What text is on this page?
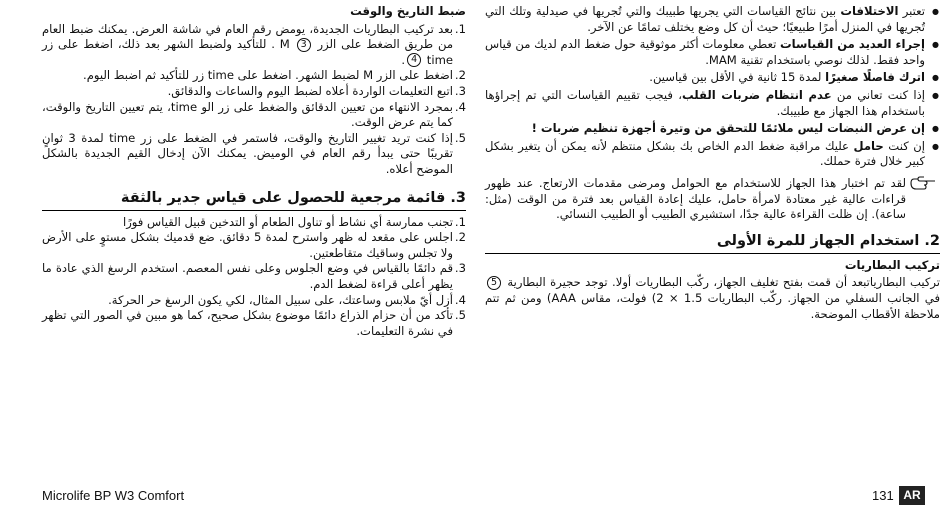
● تعتبر الاختلافات بين نتائج القياسات التي يجريها طبيبك والتي تُجريها في صيدلية وتلك التي تُجريها في المنزل أمرًا طبيعيًا؛ حيث أن كل وضع يختلف تمامًا عن الآخر.
● إجراء العديد من القياسات تعطي معلومات أكثر موثوقية حول ضغط الدم لديك من قياس واحد فقط. لذلك نوصي باستخدام تقنية MAM.
● اترك فاصلًا صغيرًا لمدة 15 ثانية في الأقل بين قياسين.
● إذا كنت تعاني من عدم انتظام ضربات القلب، فيجب تقييم القياسات التي تم إجراؤها باستخدام هذا الجهاز مع طبيبك.
● إن عرض النبضات ليس ملائمًا للتحقق من وتيرة أجهزة تنظيم ضربات !
● إن كنت حامل عليك مراقبة ضغط الدم الخاص بك بشكل منتظم لأنه يمكن أن يتغير بشكل كبير خلال فترة حملك.
لقد تم اختبار هذا الجهاز للاستخدام مع الحوامل ومرضى مقدمات الارتعاج. عند ظهور قراءات عالية غير معتادة لامرأة حامل، عليك إعادة القياس بعد فترة من الوقت (مثل: ساعة). إن ظلت القراءة عالية جدًا، استشيري الطبيب أو الطبيب النسائي.
2. استخدام الجهاز للمرة الأولى
تركيب البطاريات

تركيب البطارياتبعد أن قمت بفتح تغليف الجهاز، ركّب البطاريات أولا. توجد حجيرة البطارية 5 في الجانب السفلي من الجهاز. ركّب البطاريات (2 × 1.5 فولت، مقاس AAA) ومن ثم تتم ملاحظة الأقطاب الموضحة.

ضبط التاريخ والوقت
1.
بعد تركيب البطاريات الجديدة، يومض رقم العام في شاشة العرض. يمكنك ضبط العام من طريق الضغط على الزر 3 M . للتأكيد ولضبط الشهر بعد ذلك، اضغط على زر time 4.
2.
اضغط على الزر M لضبط الشهر. اضغط على time زر للتأكيد ثم اضبط اليوم.
3.
اتبع التعليمات الواردة أعلاه لضبط اليوم والساعات والدقائق.
4.
بمجرد الانتهاء من تعيين الدقائق والضغط على زر الو time، يتم تعيين التاريخ والوقت، كما يتم عرض الوقت.
5.
إذا كنت تريد تغيير التاريخ والوقت، فاستمر في الضغط على زر time لمدة 3 ثوانٍ تقريبًا حتى يبدأ رقم العام في الوميض. يمكنك الآن إدخال القيم الجديدة بالشكل الموضح أعلاه.
3. قائمة مرجعية للحصول على قياس جدير بالثقة
1.
تجنب ممارسة أي نشاط أو تناول الطعام أو التدخين قبيل القياس فورًا
2.
اجلس على مقعد له ظهر واسترح لمدة 5 دقائق. ضع قدميك بشكل مستوٍ على الأرض ولا تجلس وساقيك متقاطعتين.
3.
قم دائمًا بالقياس في وضع الجلوس وعلى نفس المعصم. استخدم الرسغ الذي عادة ما يظهر أعلى قراءة لضغط الدم.
4.
أزل أيّ ملابس وساعتك، على سبيل المثال، لكي يكون الرسغ حر الحركة.
5.
تأكد من أن حزام الذراع دائمًا موضوع بشكل صحيح، كما هو مبين في الصور التي تظهر في نشرة التعليمات.
Microlife BP W3 Comfort	131 AR
